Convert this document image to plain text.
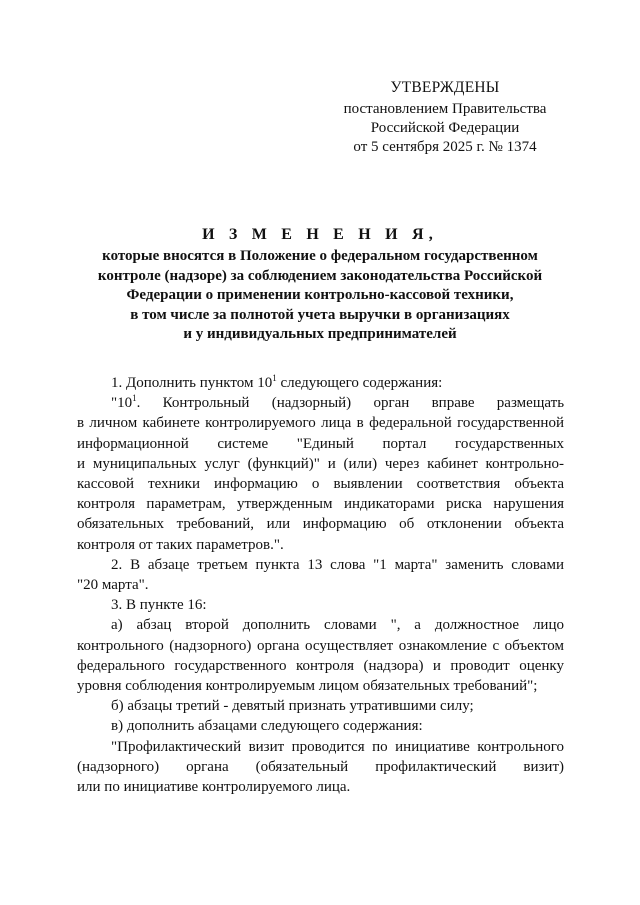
УТВЕРЖДЕНЫ
постановлением Правительства
Российской Федерации
от 5 сентября 2025 г. № 1374
И З М Е Н Е Н И Я,
которые вносятся в Положение о федеральном государственном
контроле (надзоре) за соблюдением законодательства Российской
Федерации о применении контрольно-кассовой техники,
в том числе за полнотой учета выручки в организациях
и у индивидуальных предпринимателей

1. Дополнить пунктом $10^1$ следующего содержания:

"$10^1$. Контрольный (надзорный) орган вправе размещать

в личном кабинете контролируемого лица в федеральной государственной

информационной системе "Единый портал государственных

и муниципальных услуг (функций)" и (или) через кабинет контрольно-

кассовой техники информацию о выявлении соответствия объекта

контроля параметрам, утвержденным индикаторами риска нарушения

обязательных требований, или информацию об отклонении объекта

контроля от таких параметров.".

2. В абзаце третьем пункта 13 слова "1 марта" заменить словами

"20 марта".

3. В пункте 16:

а) абзац второй дополнить словами ", а должностное лицо

контрольного (надзорного) органа осуществляет ознакомление с объектом

федерального государственного контроля (надзора) и проводит оценку

уровня соблюдения контролируемым лицом обязательных требований";

б) абзацы третий - девятый признать утратившими силу;

в) дополнить абзацами следующего содержания:

"Профилактический визит проводится по инициативе контрольного

(надзорного) органа (обязательный профилактический визит)

или по инициативе контролируемого лица.
